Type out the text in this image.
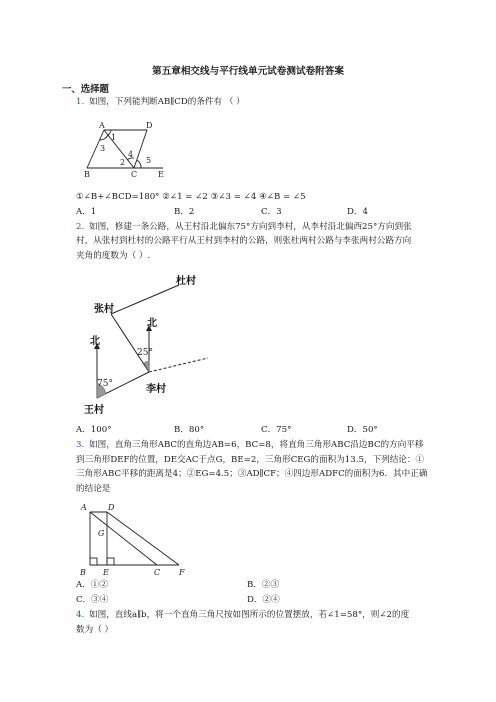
第五章相交线与平行线单元试卷测试卷附答案
一、选择题
1. 如图，下列能判断AB∥CD的条件有 （ ）
A	D
B	C	E
1
2
3
4
5
①∠B+∠BCD=180° ②∠1 = ∠2 ③∠3 = ∠4 ④∠B = ∠5
A．1	B．2	C．3	D．4
2. 如图，修建一条公路，从王村沿北偏东75°方向到李村，从李村沿北偏西25°方向到张
村，从张村到杜村的公路平行从王村到李村的公路，则张杜两村公路与李张两村公路方向
夹角的度数为（ ）.
杜村
张村
北
北
李村
王村
25°
75°
A．100°	B．80°	C．75°	D．50°
3. 如图，直角三角形ABC的直角边AB=6，BC=8，将直角三角形ABC沿边BC的方向平移
到三角形DEF的位置，DE交AC于点G，BE=2，三角形CEG的面积为13.5，下列结论：①
三角形ABC平移的距离是4；②EG=4.5；③AD∥CF；④四边形ADFC的面积为6．其中正确
的结论是
A	D
G
B E	C F
A．①②	B．②③
C．③④	D．②④
4. 如图，直线a∥b，将一个直角三角尺按如图所示的位置摆放，若∠1=58°，则∠2的度
数为（ ）
